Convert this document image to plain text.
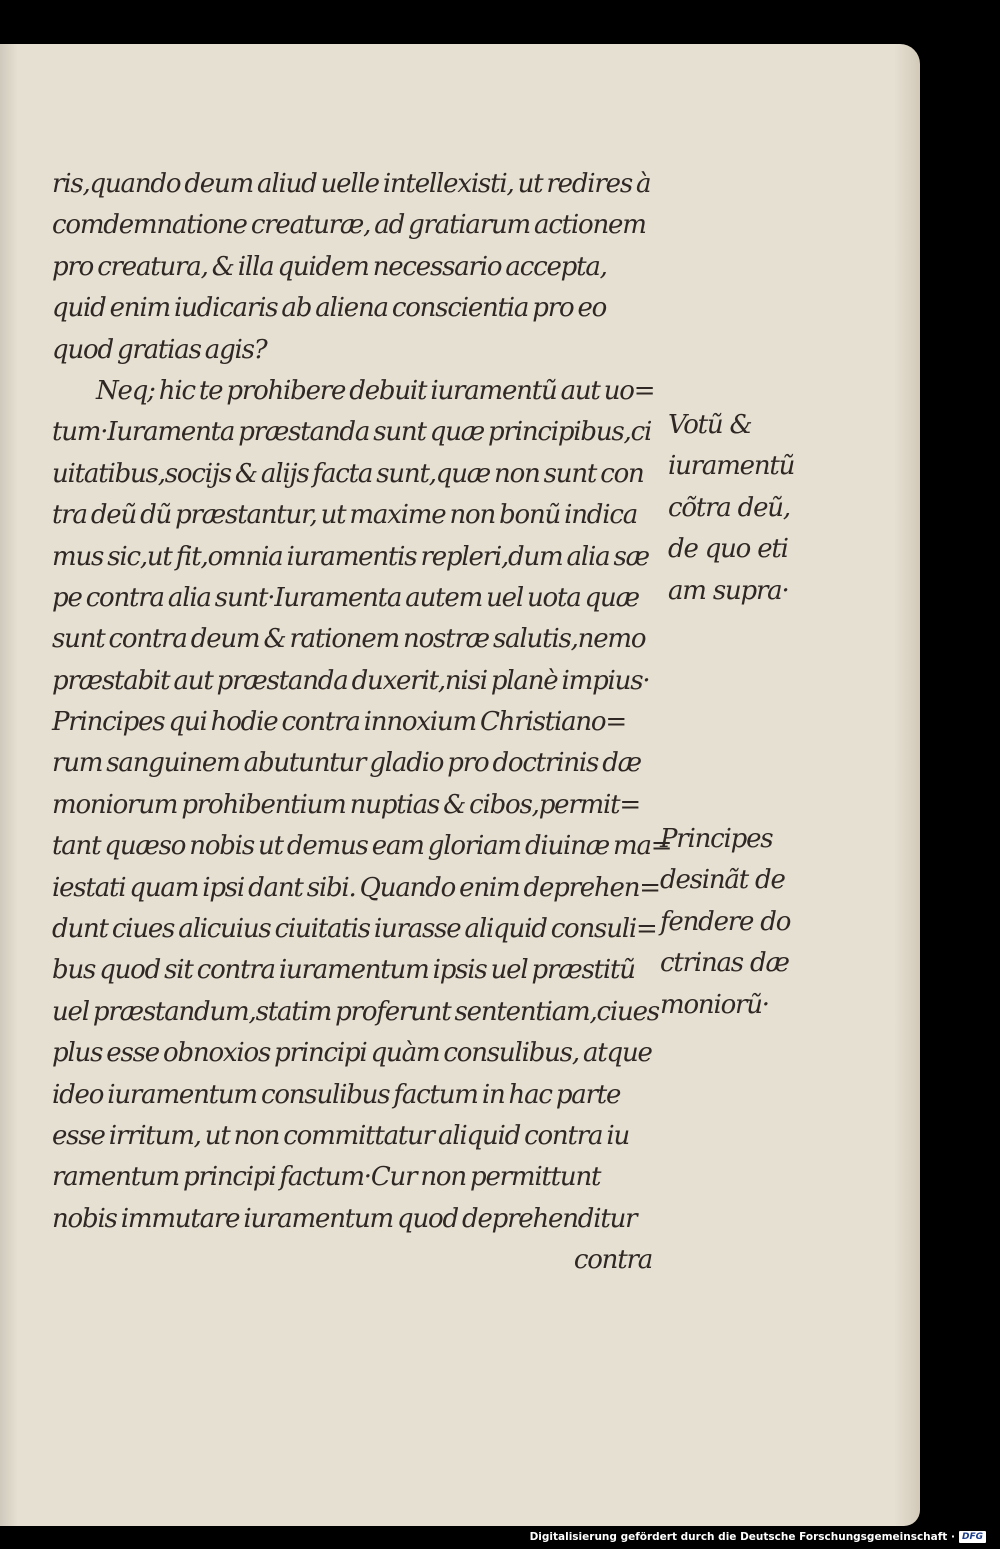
ris,quando deum aliud uelle intellexisti, ut redires à
comdemnatione creaturæ, ad gratiarum actionem
pro creatura, & illa quidem necessario accepta,
quid enim iudicaris ab aliena conscientia pro eo
quod gratias agis?
Neq; hic te prohibere debuit iuramentũ aut uo=
tum·Iuramenta præstanda sunt quæ principibus,ci
uitatibus,socijs & alijs facta sunt,quæ non sunt con
tra deũ dũ præstantur, ut maxime non bonũ indica
mus sic,ut fit,omnia iuramentis repleri,dum alia sæ
pe contra alia sunt·Iuramenta autem uel uota quæ
sunt contra deum & rationem nostræ salutis,nemo
præstabit aut præstanda duxerit,nisi planè impius·
Principes qui hodie contra innoxium Christiano=
rum sanguinem abutuntur gladio pro doctrinis dæ
moniorum prohibentium nuptias & cibos,permit=
tant quæso nobis ut demus eam gloriam diuinæ ma=
iestati quam ipsi dant sibi. Quando enim deprehen=
dunt ciues alicuius ciuitatis iurasse aliquid consuli=
bus quod sit contra iuramentum ipsis uel præstitũ
uel præstandum,statim proferunt sententiam,ciues
plus esse obnoxios principi quàm consulibus, atque
ideo iuramentum consulibus factum in hac parte
esse irritum, ut non committatur aliquid contra iu
ramentum principi factum·Cur non permittunt
nobis immutare iuramentum quod deprehenditur
contra
Votũ &
iuramentũ
cõtra deũ,
de quo eti
am supra·
Principes
desinãt de
fendere do
ctrinas dæ
moniorũ·
Digitalisierung gefördert durch die Deutsche Forschungsgemeinschaft · DFG
